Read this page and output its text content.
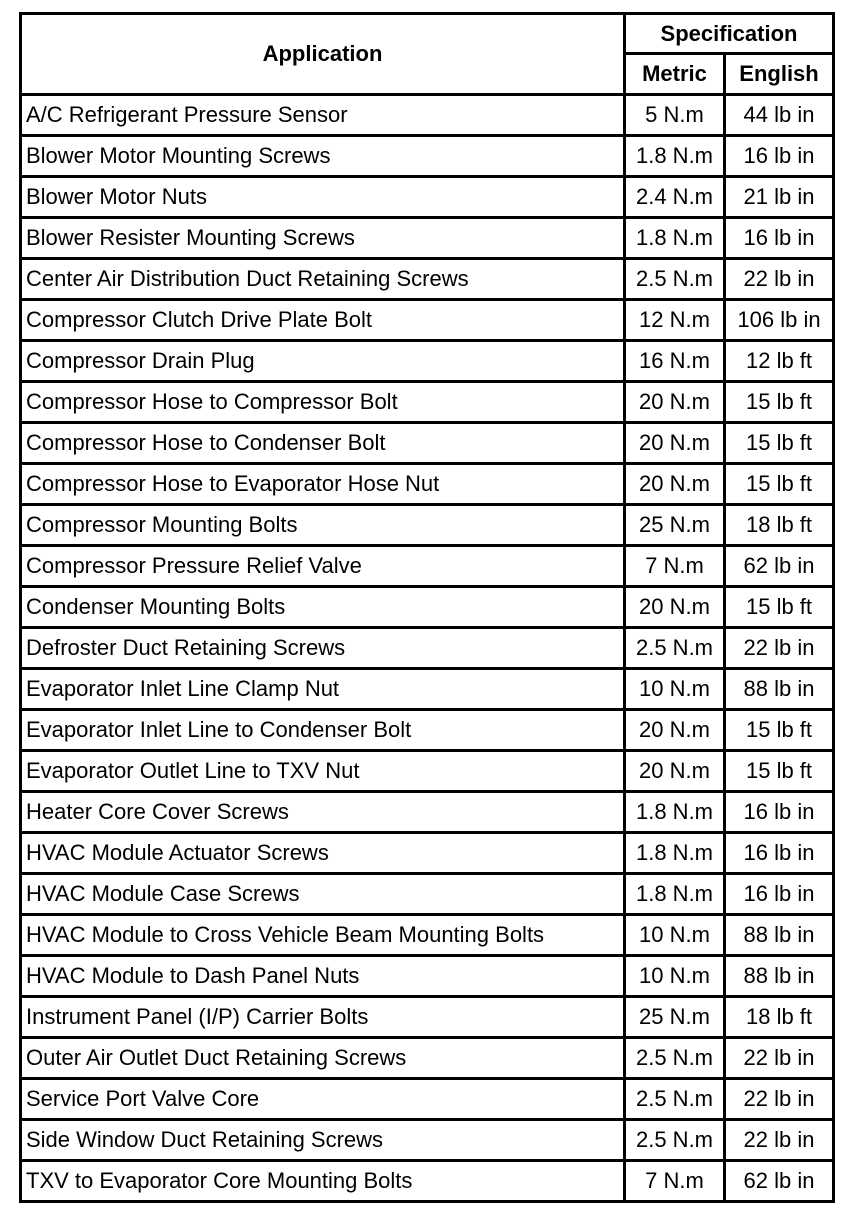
Application	Specification	
	Metric	English
A/C Refrigerant Pressure Sensor	5 N.m	44 lb in
Blower Motor Mounting Screws	1.8 N.m	16 lb in
Blower Motor Nuts	2.4 N.m	21 lb in
Blower Resister Mounting Screws	1.8 N.m	16 lb in
Center Air Distribution Duct Retaining Screws	2.5 N.m	22 lb in
Compressor Clutch Drive Plate Bolt	12 N.m	106 lb in
Compressor Drain Plug	16 N.m	12 lb ft
Compressor Hose to Compressor Bolt	20 N.m	15 lb ft
Compressor Hose to Condenser Bolt	20 N.m	15 lb ft
Compressor Hose to Evaporator Hose Nut	20 N.m	15 lb ft
Compressor Mounting Bolts	25 N.m	18 lb ft
Compressor Pressure Relief Valve	7 N.m	62 lb in
Condenser Mounting Bolts	20 N.m	15 lb ft
Defroster Duct Retaining Screws	2.5 N.m	22 lb in
Evaporator Inlet Line Clamp Nut	10 N.m	88 lb in
Evaporator Inlet Line to Condenser Bolt	20 N.m	15 lb ft
Evaporator Outlet Line to TXV Nut	20 N.m	15 lb ft
Heater Core Cover Screws	1.8 N.m	16 lb in
HVAC Module Actuator Screws	1.8 N.m	16 lb in
HVAC Module Case Screws	1.8 N.m	16 lb in
HVAC Module to Cross Vehicle Beam Mounting Bolts	10 N.m	88 lb in
HVAC Module to Dash Panel Nuts	10 N.m	88 lb in
Instrument Panel (I/P) Carrier Bolts	25 N.m	18 lb ft
Outer Air Outlet Duct Retaining Screws	2.5 N.m	22 lb in
Service Port Valve Core	2.5 N.m	22 lb in
Side Window Duct Retaining Screws	2.5 N.m	22 lb in
TXV to Evaporator Core Mounting Bolts	7 N.m	62 lb in
